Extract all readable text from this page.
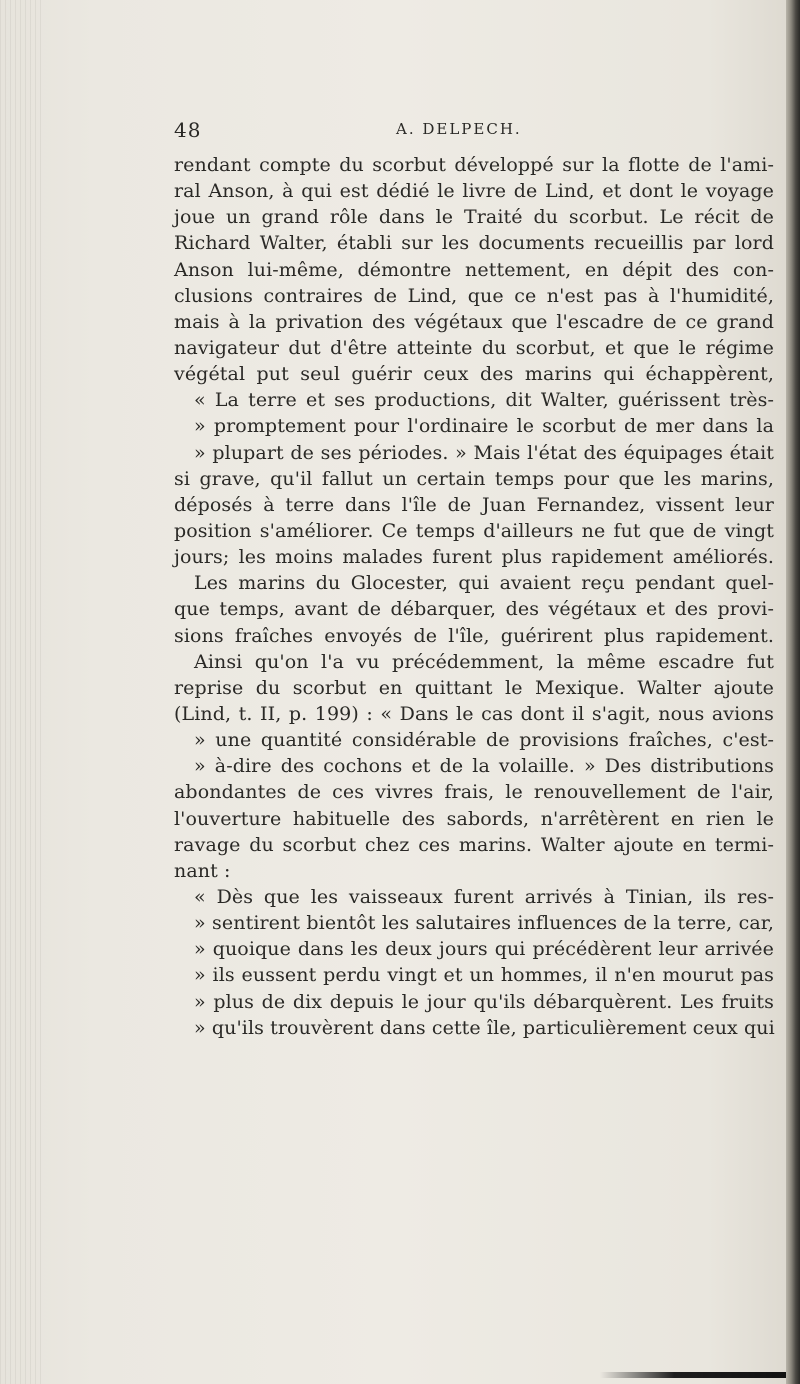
48	A. DELPECH.
rendant compte du scorbut développé sur la flotte de l'ami-
ral Anson, à qui est dédié le livre de Lind, et dont le voyage
joue un grand rôle dans le Traité du scorbut. Le récit de
Richard Walter, établi sur les documents recueillis par lord
Anson lui-même, démontre nettement, en dépit des con-
clusions contraires de Lind, que ce n'est pas à l'humidité,
mais à la privation des végétaux que l'escadre de ce grand
navigateur dut d'être atteinte du scorbut, et que le régime
végétal put seul guérir ceux des marins qui échappèrent,
« La terre et ses productions, dit Walter, guérissent très-
» promptement pour l'ordinaire le scorbut de mer dans la
» plupart de ses périodes. » Mais l'état des équipages était
si grave, qu'il fallut un certain temps pour que les marins,
déposés à terre dans l'île de Juan Fernandez, vissent leur
position s'améliorer. Ce temps d'ailleurs ne fut que de vingt
jours; les moins malades furent plus rapidement améliorés.
Les marins du Glocester, qui avaient reçu pendant quel-
que temps, avant de débarquer, des végétaux et des provi-
sions fraîches envoyés de l'île, guérirent plus rapidement.
Ainsi qu'on l'a vu précédemment, la même escadre fut
reprise du scorbut en quittant le Mexique. Walter ajoute
(Lind, t. II, p. 199) : « Dans le cas dont il s'agit, nous avions
» une quantité considérable de provisions fraîches, c'est-
» à-dire des cochons et de la volaille. » Des distributions
abondantes de ces vivres frais, le renouvellement de l'air,
l'ouverture habituelle des sabords, n'arrêtèrent en rien le
ravage du scorbut chez ces marins. Walter ajoute en termi-
nant :
« Dès que les vaisseaux furent arrivés à Tinian, ils res-
» sentirent bientôt les salutaires influences de la terre, car,
» quoique dans les deux jours qui précédèrent leur arrivée
» ils eussent perdu vingt et un hommes, il n'en mourut pas
» plus de dix depuis le jour qu'ils débarquèrent. Les fruits
» qu'ils trouvèrent dans cette île, particulièrement ceux qui
